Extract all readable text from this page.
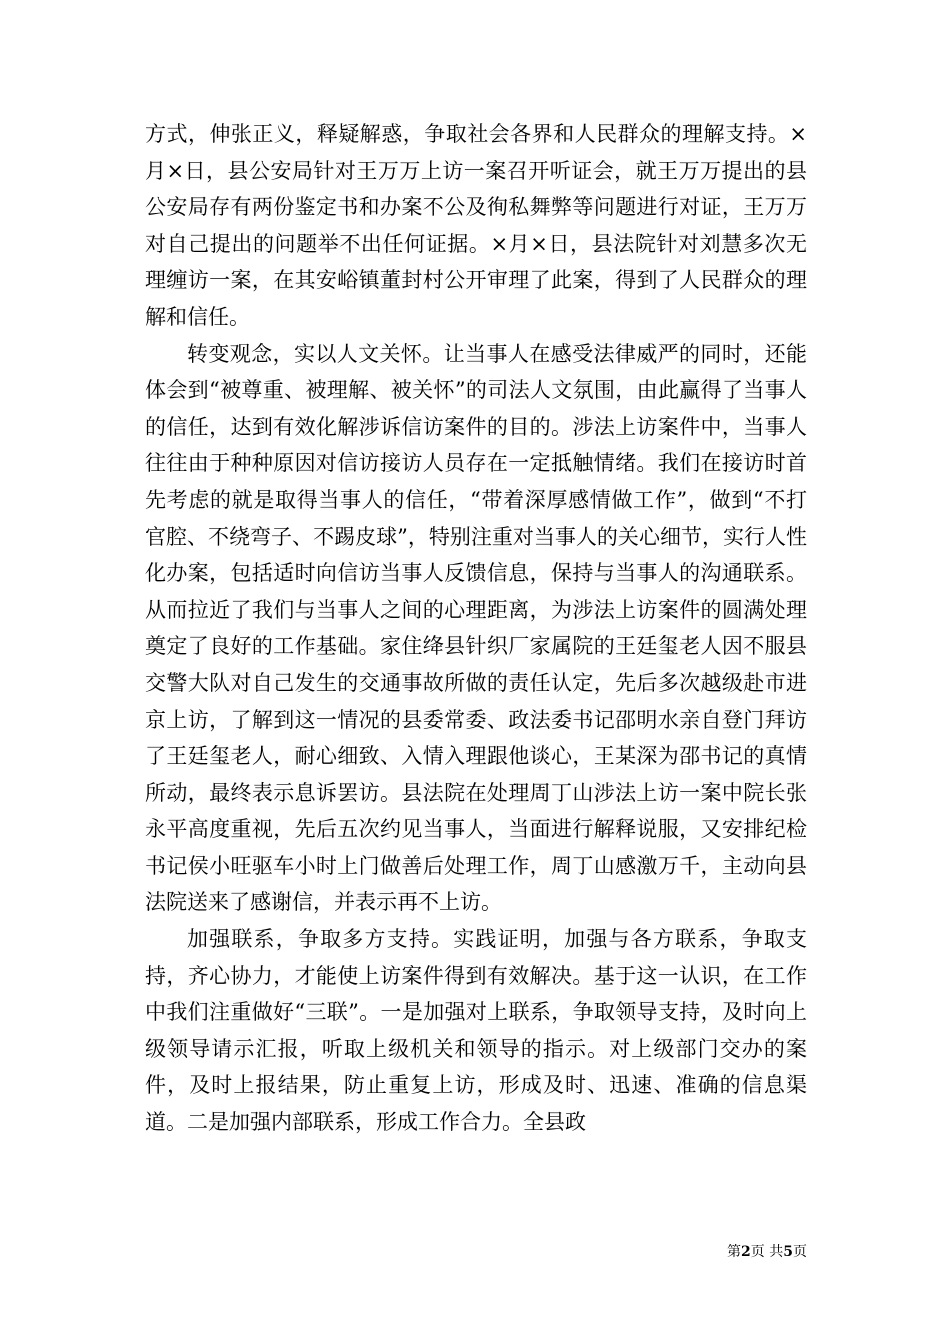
方式，伸张正义，释疑解惑，争取社会各界和人民群众的理解支持。×月×日，县公安局针对王万万上访一案召开听证会，就王万万提出的县公安局存有两份鉴定书和办案不公及徇私舞弊等问题进行对证，王万万对自己提出的问题举不出任何证据。×月×日，县法院针对刘慧多次无理缠访一案，在其安峪镇董封村公开审理了此案，得到了人民群众的理解和信任。

转变观念，实以人文关怀。让当事人在感受法律威严的同时，还能体会到“被尊重、被理解、被关怀”的司法人文氛围，由此赢得了当事人的信任，达到有效化解涉诉信访案件的目的。涉法上访案件中，当事人往往由于种种原因对信访接访人员存在一定抵触情绪。我们在接访时首先考虑的就是取得当事人的信任，“带着深厚感情做工作”，做到“不打官腔、不绕弯子、不踢皮球”，特别注重对当事人的关心细节，实行人性化办案，包括适时向信访当事人反馈信息，保持与当事人的沟通联系。从而拉近了我们与当事人之间的心理距离，为涉法上访案件的圆满处理奠定了良好的工作基础。家住绛县针织厂家属院的王廷玺老人因不服县交警大队对自己发生的交通事故所做的责任认定，先后多次越级赴市进京上访，了解到这一情况的县委常委、政法委书记邵明水亲自登门拜访了王廷玺老人，耐心细致、入情入理跟他谈心，王某深为邵书记的真情所动，最终表示息诉罢访。县法院在处理周丁山涉法上访一案中院长张永平高度重视，先后五次约见当事人，当面进行解释说服，又安排纪检书记侯小旺驱车小时上门做善后处理工作，周丁山感激万千，主动向县法院送来了感谢信，并表示再不上访。

加强联系，争取多方支持。实践证明，加强与各方联系，争取支持，齐心协力，才能使上访案件得到有效解决。基于这一认识，在工作中我们注重做好“三联”。一是加强对上联系，争取领导支持，及时向上级领导请示汇报，听取上级机关和领导的指示。对上级部门交办的案件，及时上报结果，防止重复上访，形成及时、迅速、准确的信息渠道。二是加强内部联系，形成工作合力。全县政

第2页 共5页
